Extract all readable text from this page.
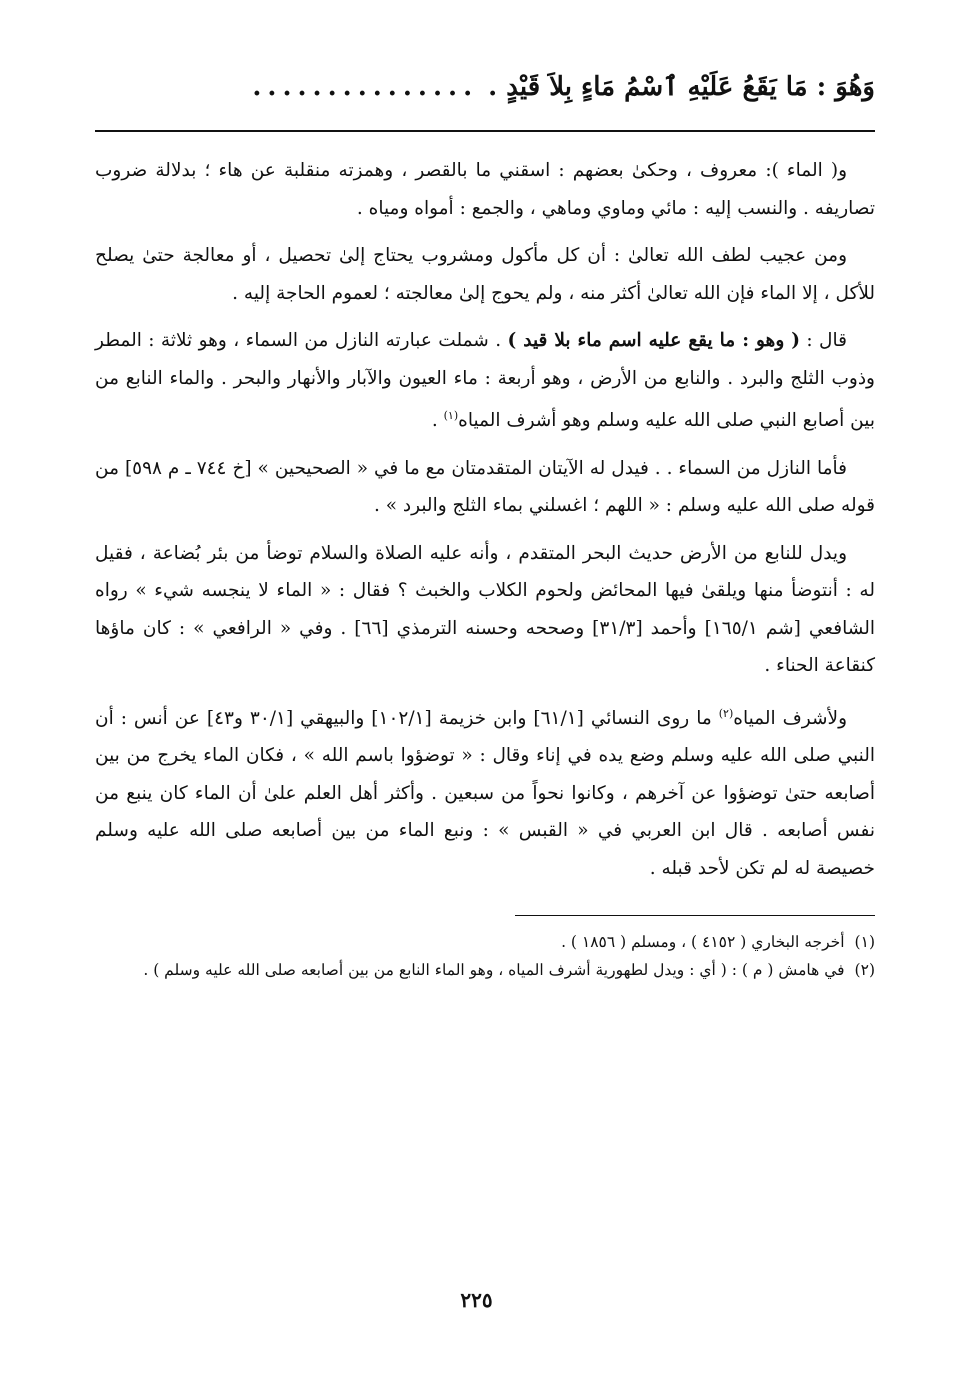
وَهُوَ : مَا يَقَعُ عَلَيْهِ ٱسْمُ مَاءٍ بِلاَ قَيْدٍ .
...............

و( الماء ): معروف ، وحكىٰ بعضهم : اسقني ما بالقصر ، وهمزته منقلبة عن هاء ؛ بدلالة ضروب تصاريفه . والنسب إليه : مائي وماوي وماهي ، والجمع : أمواه ومياه .

ومن عجيب لطف الله تعالىٰ : أن كل مأكول ومشروب يحتاج إلىٰ تحصيل ، أو معالجة حتىٰ يصلح للأكل ، إلا الماء فإن الله تعالىٰ أكثر منه ، ولم يحوج إلىٰ معالجته ؛ لعموم الحاجة إليه .

قال : ( وهو : ما يقع عليه اسم ماء بلا قيد ) . شملت عبارته النازل من السماء ، وهو ثلاثة : المطر وذوب الثلج والبرد . والنابع من الأرض ، وهو أربعة : ماء العيون والآبار والأنهار والبحر . والماء النابع من بين أصابع النبي صلى الله عليه وسلم وهو أشرف المياه$^{(١)}$ .

فأما النازل من السماء . . فيدل له الآيتان المتقدمتان مع ما في « الصحيحين » [خ ٧٤٤ ـ م ٥٩٨] من قوله صلى الله عليه وسلم : « اللهم ؛ اغسلني بماء الثلج والبرد » .

ويدل للنابع من الأرض حديث البحر المتقدم ، وأنه عليه الصلاة والسلام توضأ من بئر بُضاعة ، فقيل له : أنتوضأ منها ويلقىٰ فيها المحائض ولحوم الكلاب والخبث ؟ فقال : « الماء لا ينجسه شيء » رواه الشافعي [شم ١٦٥/١] وأحمد [٣١/٣] وصححه وحسنه الترمذي [٦٦] . وفي « الرافعي » : كان ماؤها كنقاعة الحناء .

ولأشرف المياه$^{(٢)}$ ما روى النسائي [٦١/١] وابن خزيمة [١٠٢/١] والبيهقي [٣٠/١ و٤٣] عن أنس : أن النبي صلى الله عليه وسلم وضع يده في إناء وقال : « توضؤوا باسم الله » ، فكان الماء يخرج من بين أصابعه حتىٰ توضؤوا عن آخرهم ، وكانوا نحواً من سبعين . وأكثر أهل العلم علىٰ أن الماء كان ينبع من نفس أصابعه . قال ابن العربي في « القبس » : ونبع الماء من بين أصابعه صلى الله عليه وسلم خصيصة له لم تكن لأحد قبله .

(١)
أخرجه البخاري ( ٤١٥٢ ) ، ومسلم ( ١٨٥٦ ) .
(٢)
في هامش ( م ) : ( أي : ويدل لطهورية أشرف المياه ، وهو الماء النابع من بين أصابعه صلى الله عليه وسلم ) .
٢٢٥
